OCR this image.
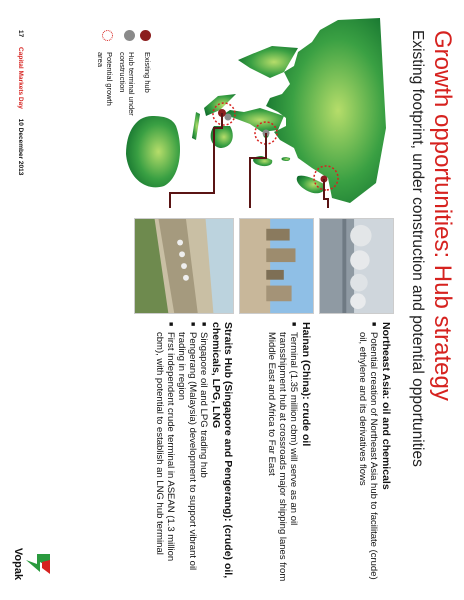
Growth opportunities: Hub strategy
Existing footprint, under construction and potential opportunities
Existing hub
Hub terminal under construction
Potential growth area
Northeast Asia: oil and chemicals
■ Potential creation of Northeast Asia hub to facilitate (crude) oil, ethylene and its derivatives flows
Hainan (China): crude oil
■ Terminal (1.35 million cbm) will serve as an oil transshipment hub at crossroads major shipping lanes from Middle East and Africa to Far East
Straits Hub (Singapore and Pengerang): (crude) oil, chemicals, LPG, LNG
■ Singapore oil and LPG trading hub
■ Pengerang (Malaysia) development to support vibrant oil trading in region
■ First independent crude terminal in ASEAN (1.3 million cbm), with potential to establish an LNG hub terminal
17 Capital Markets Day 10 December 2013
Vopak
